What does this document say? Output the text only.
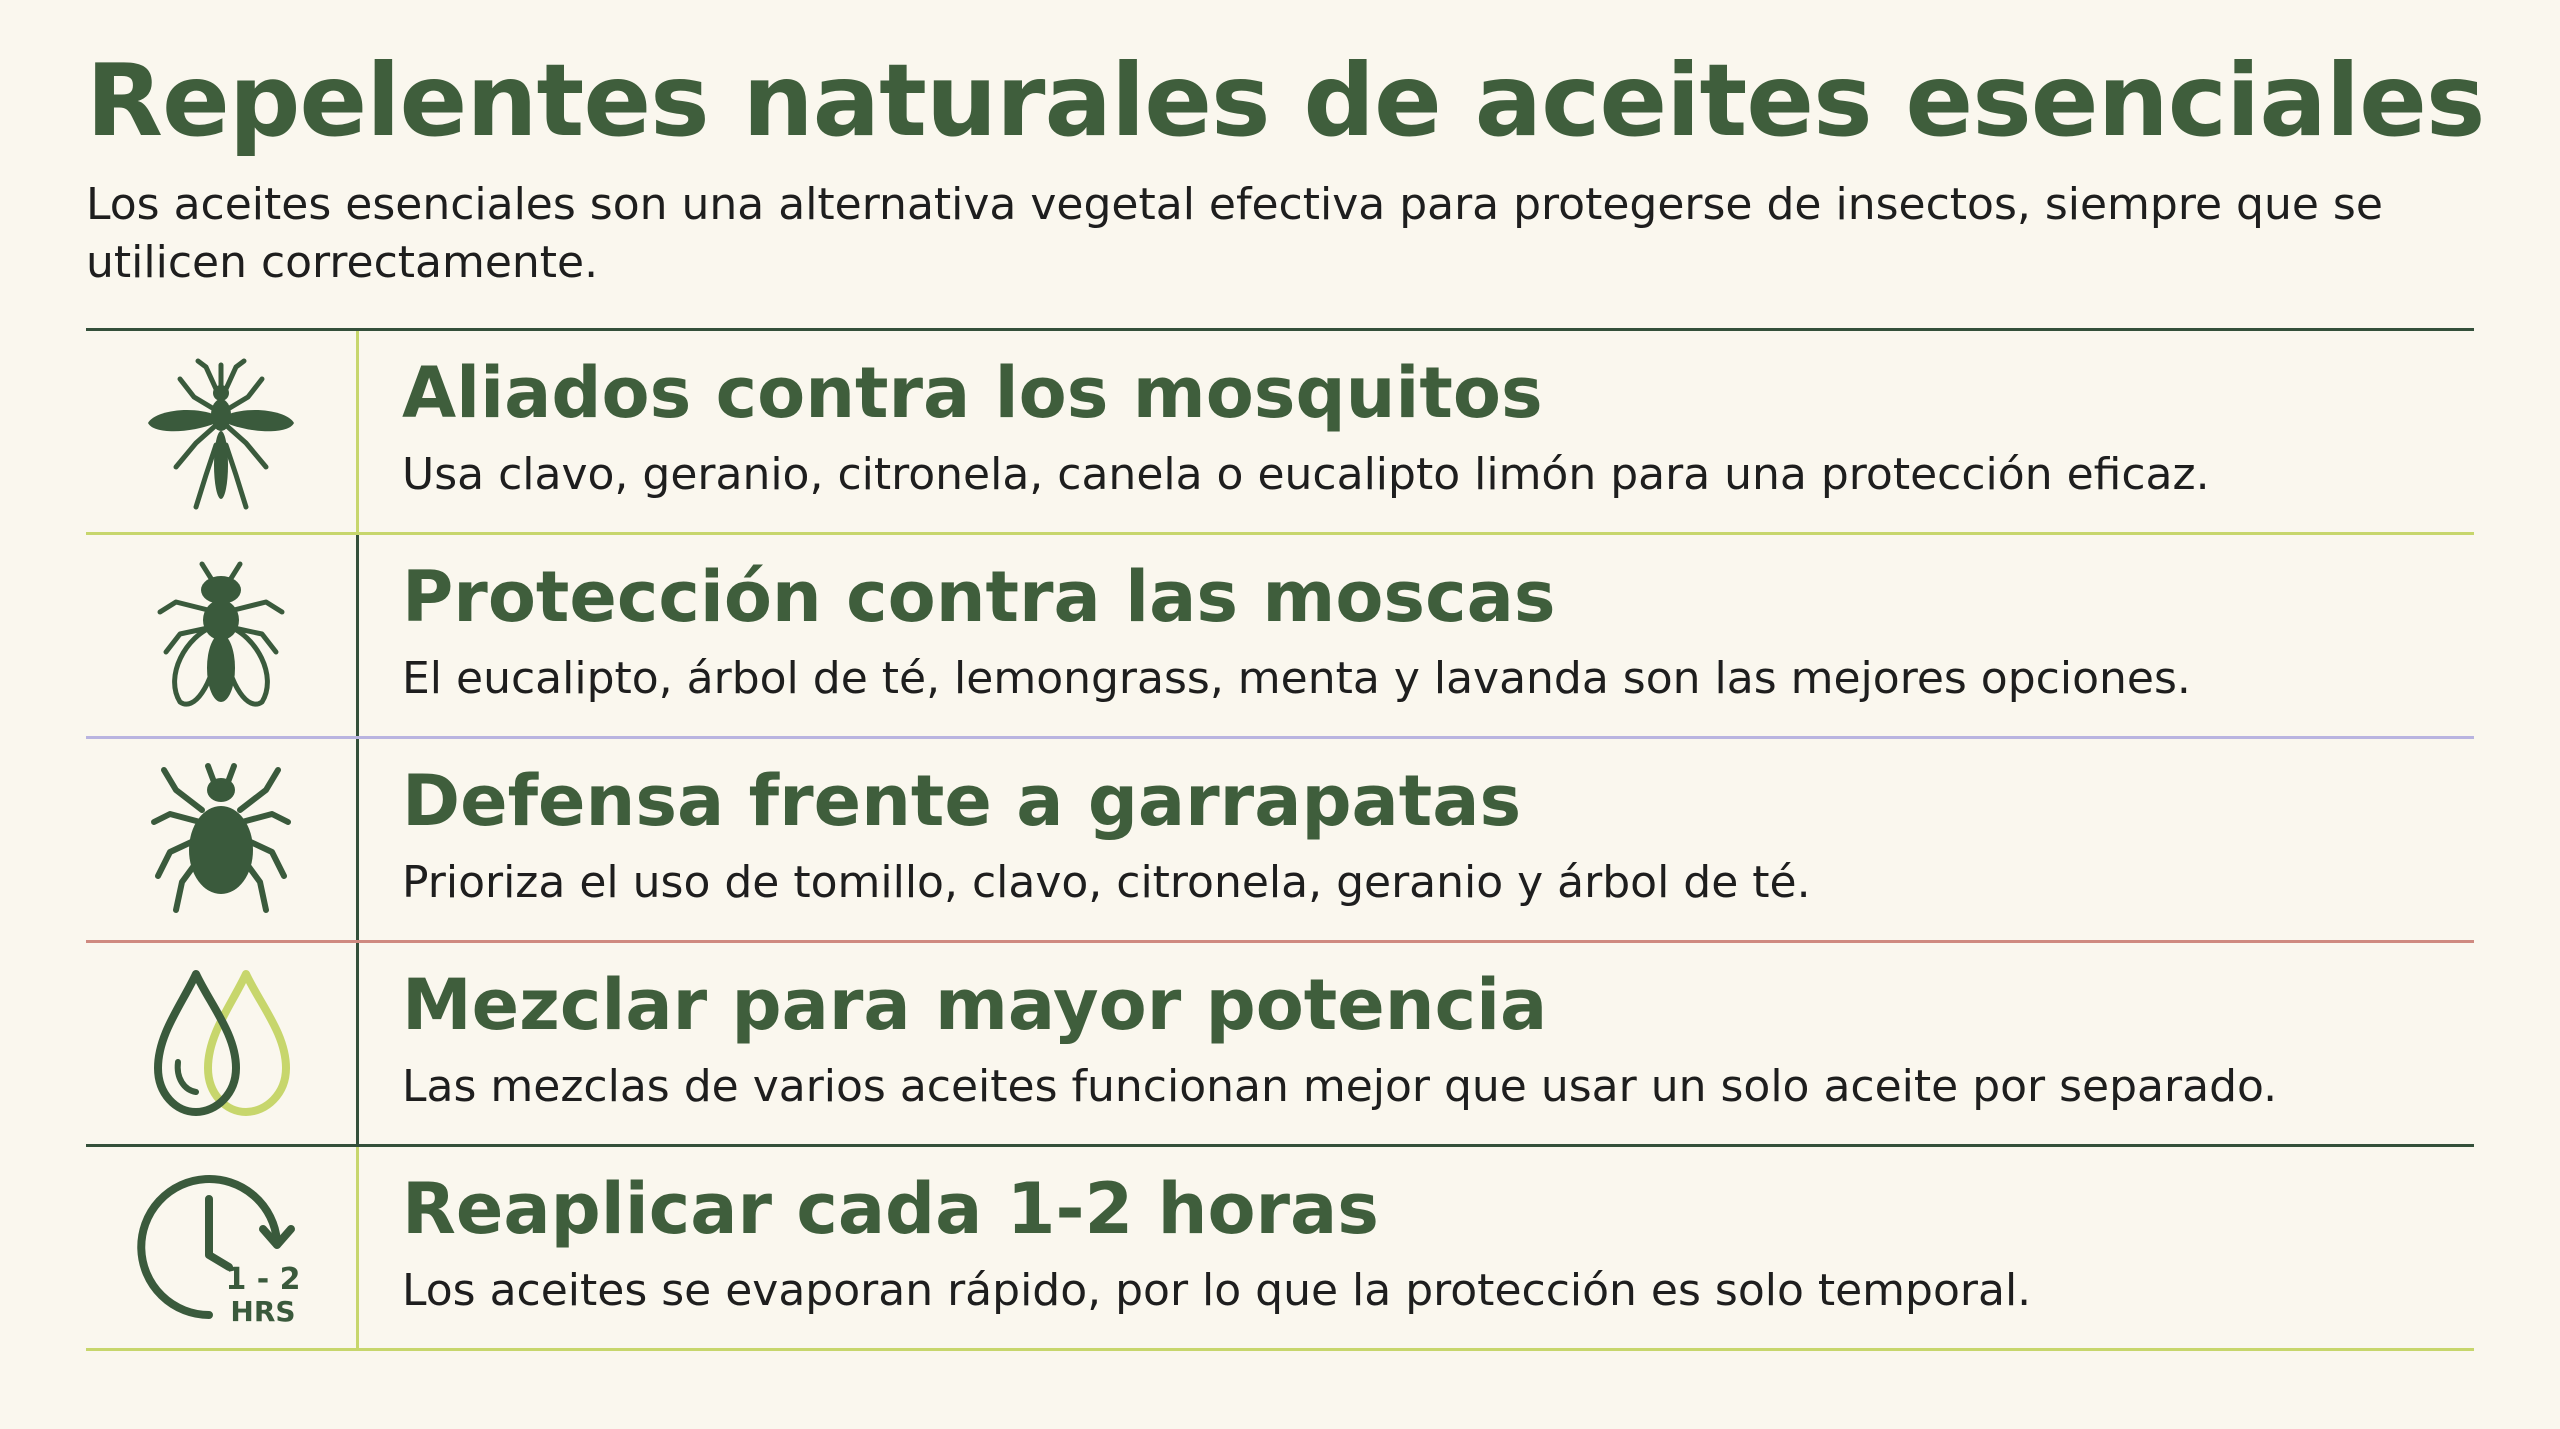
Repelentes naturales de aceites esenciales

Los aceites esenciales son una alternativa vegetal efectiva para protegerse de insectos, siempre que se utilicen correctamente.

Aliados contra los mosquitos

Usa clavo, geranio, citronela, canela o eucalipto limón para una protección eficaz.

Protección contra las moscas

El eucalipto, árbol de té, lemongrass, menta y lavanda son las mejores opciones.

Defensa frente a garrapatas

Prioriza el uso de tomillo, clavo, citronela, geranio y árbol de té.

Mezclar para mayor potencia

Las mezclas de varios aceites funcionan mejor que usar un solo aceite por separado.

1 - 2
HRS
Reaplicar cada 1-2 horas

Los aceites se evaporan rápido, por lo que la protección es solo temporal.
